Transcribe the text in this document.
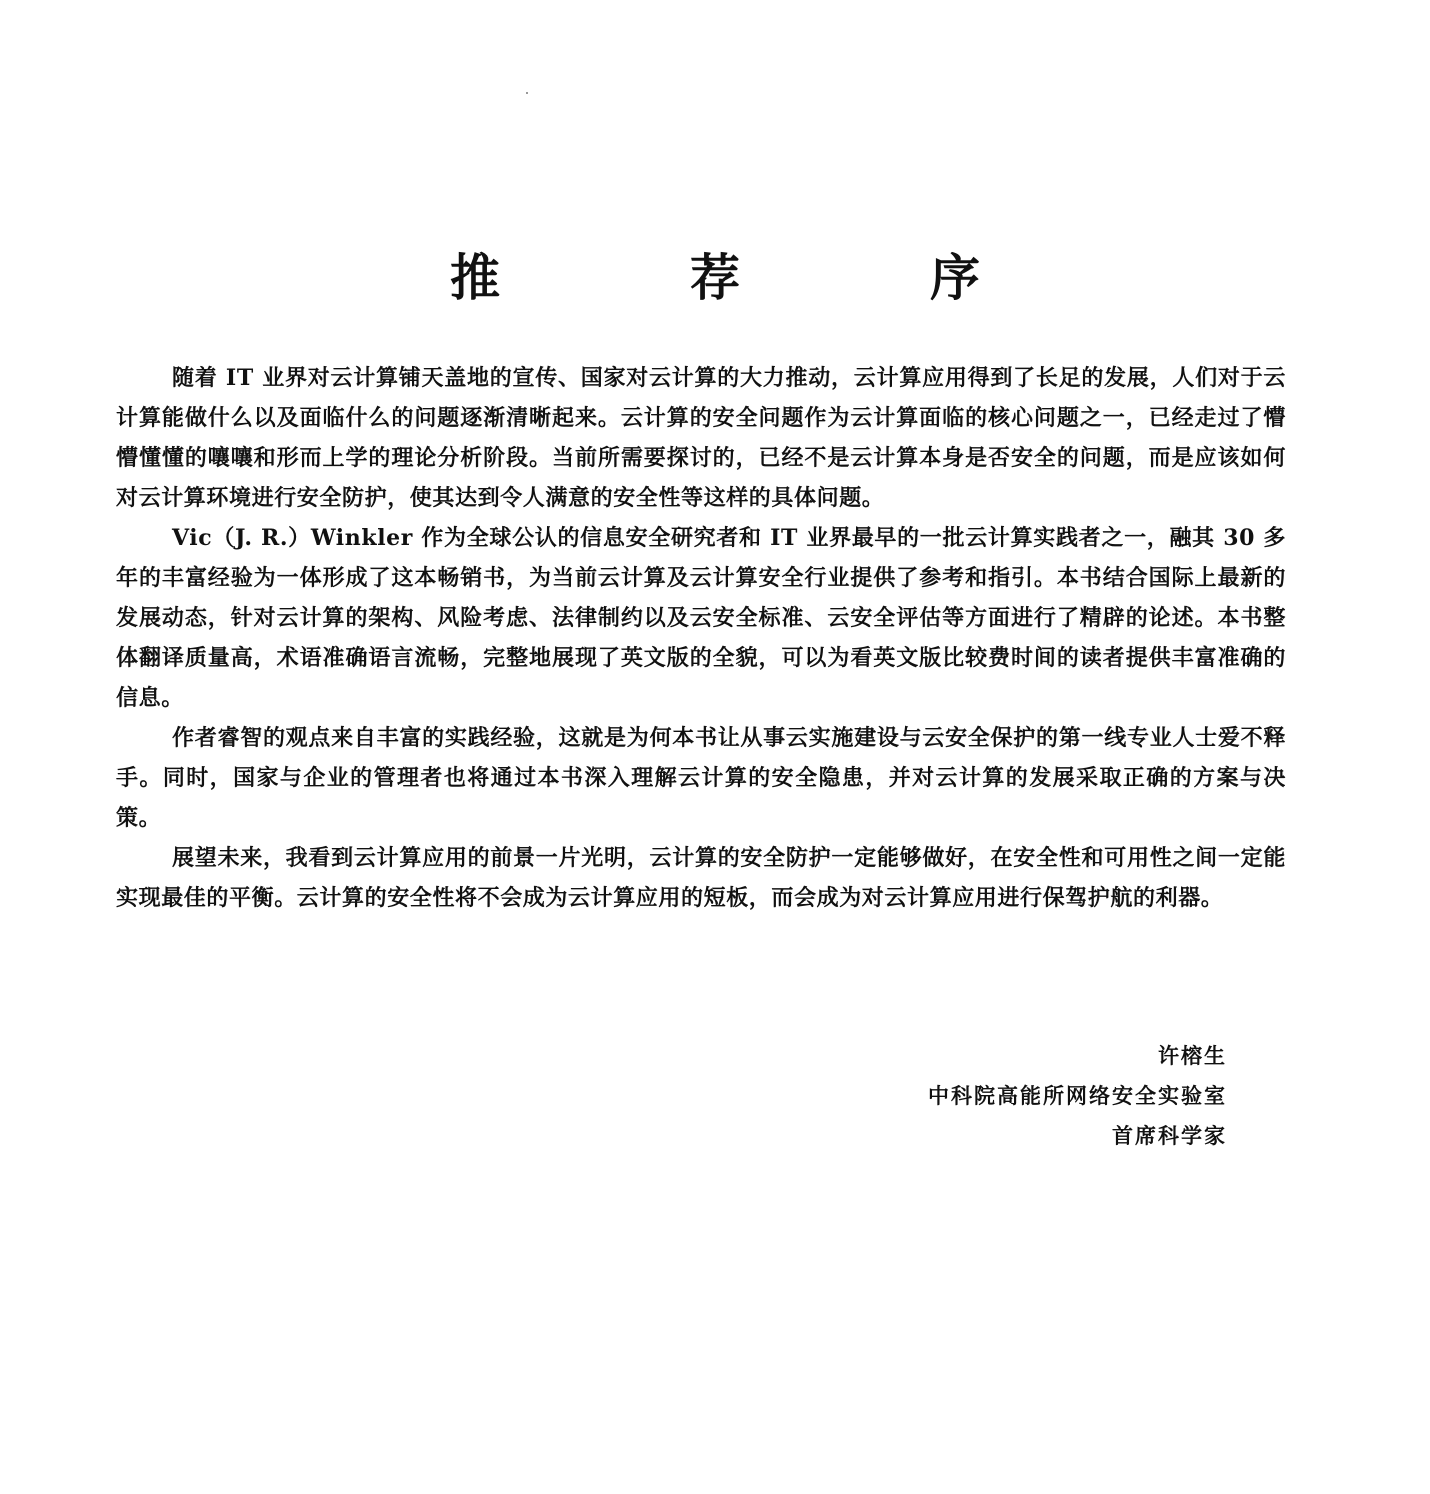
推　荐　序

随着 IT 业界对云计算铺天盖地的宣传、国家对云计算的大力推动，云计算应用得到了长足的发展，人们对于云计算能做什么以及面临什么的问题逐渐清晰起来。云计算的安全问题作为云计算面临的核心问题之一，已经走过了懵懵懂懂的嚷嚷和形而上学的理论分析阶段。当前所需要探讨的，已经不是云计算本身是否安全的问题，而是应该如何对云计算环境进行安全防护，使其达到令人满意的安全性等这样的具体问题。

Vic（J. R.）Winkler 作为全球公认的信息安全研究者和 IT 业界最早的一批云计算实践者之一，融其 30 多年的丰富经验为一体形成了这本畅销书，为当前云计算及云计算安全行业提供了参考和指引。本书结合国际上最新的发展动态，针对云计算的架构、风险考虑、法律制约以及云安全标准、云安全评估等方面进行了精辟的论述。本书整体翻译质量高，术语准确语言流畅，完整地展现了英文版的全貌，可以为看英文版比较费时间的读者提供丰富准确的信息。

作者睿智的观点来自丰富的实践经验，这就是为何本书让从事云实施建设与云安全保护的第一线专业人士爱不释手。同时，国家与企业的管理者也将通过本书深入理解云计算的安全隐患，并对云计算的发展采取正确的方案与决策。

展望未来，我看到云计算应用的前景一片光明，云计算的安全防护一定能够做好，在安全性和可用性之间一定能实现最佳的平衡。云计算的安全性将不会成为云计算应用的短板，而会成为对云计算应用进行保驾护航的利器。

许榕生
中科院高能所网络安全实验室
首席科学家
